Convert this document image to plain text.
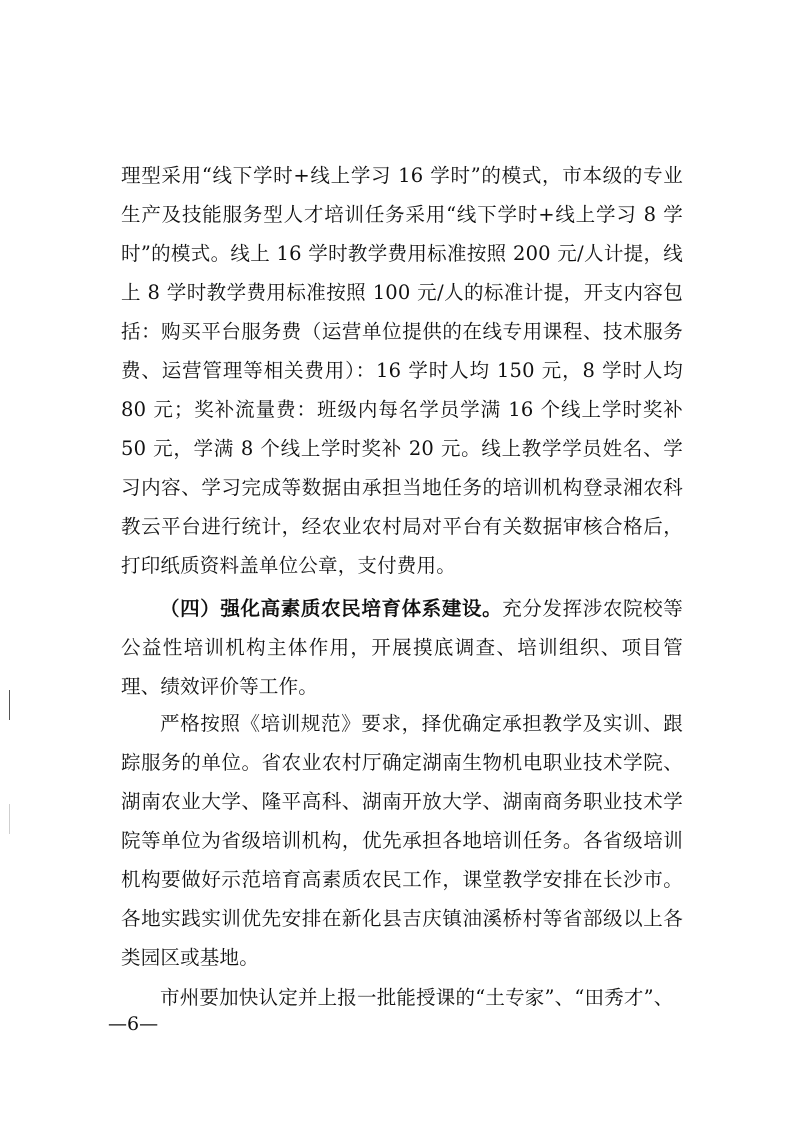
理型采用“线下学时+线上学习 16 学时”的模式，市本级的专业生产及技能服务型人才培训任务采用“线下学时+线上学习 8 学时”的模式。线上 16 学时教学费用标准按照 200 元/人计提，线上 8 学时教学费用标准按照 100 元/人的标准计提，开支内容包括：购买平台服务费（运营单位提供的在线专用课程、技术服务费、运营管理等相关费用）：16 学时人均 150 元，8 学时人均 80 元；奖补流量费：班级内每名学员学满 16 个线上学时奖补 50 元，学满 8 个线上学时奖补 20 元。线上教学学员姓名、学习内容、学习完成等数据由承担当地任务的培训机构登录湘农科教云平台进行统计，经农业农村局对平台有关数据审核合格后，打印纸质资料盖单位公章，支付费用。

（四）强化高素质农民培育体系建设。充分发挥涉农院校等公益性培训机构主体作用，开展摸底调查、培训组织、项目管理、绩效评价等工作。

严格按照《培训规范》要求，择优确定承担教学及实训、跟踪服务的单位。省农业农村厅确定湖南生物机电职业技术学院、湖南农业大学、隆平高科、湖南开放大学、湖南商务职业技术学院等单位为省级培训机构，优先承担各地培训任务。各省级培训机构要做好示范培育高素质农民工作，课堂教学安排在长沙市。各地实践实训优先安排在新化县吉庆镇油溪桥村等省部级以上各类园区或基地。

市州要加快认定并上报一批能授课的“土专家”、“田秀才”、

—6—
